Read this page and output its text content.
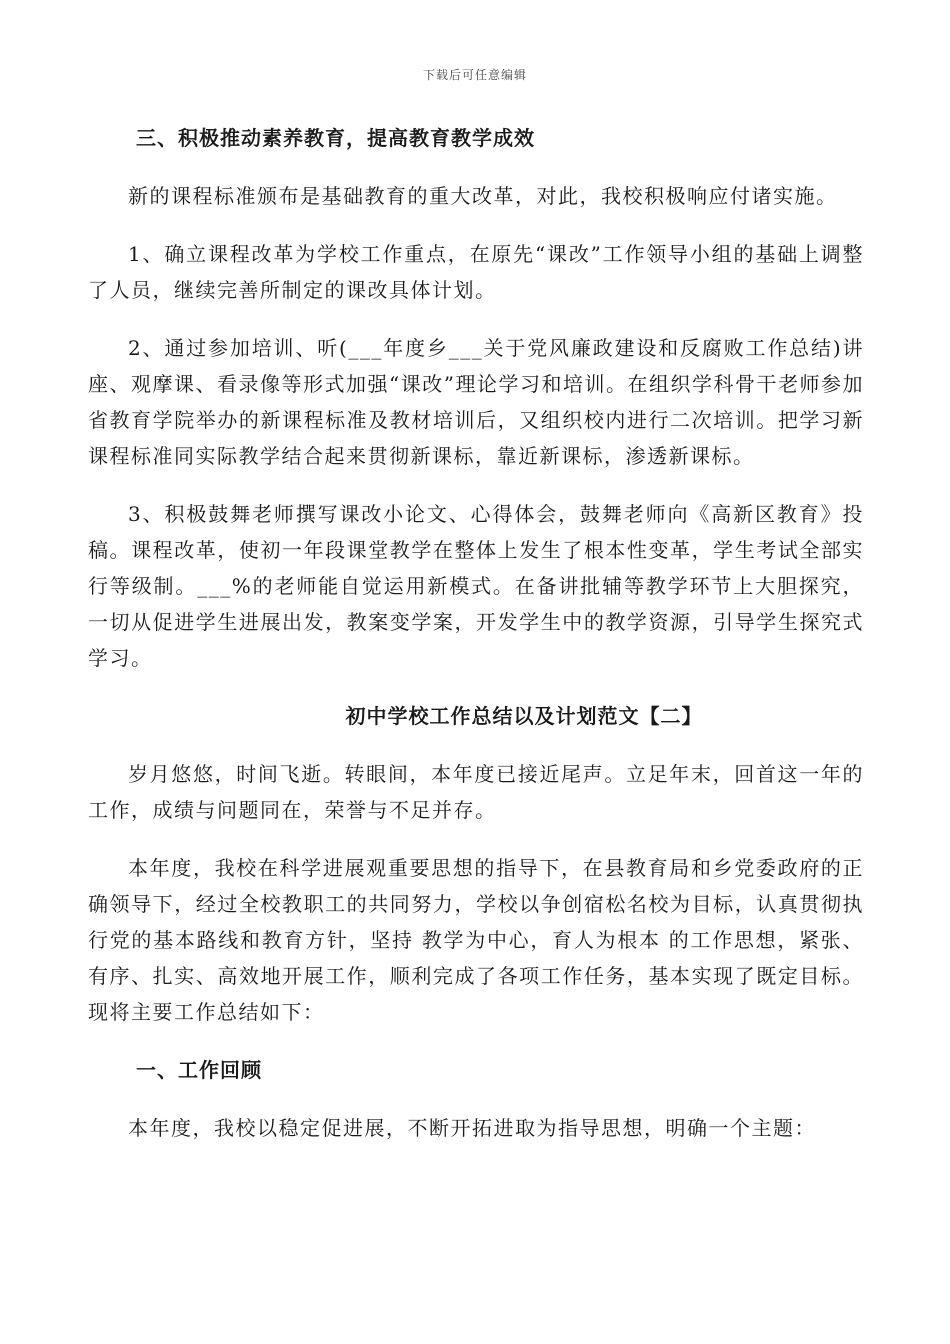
下载后可任意编辑
三、积极推动素养教育，提高教育教学成效

新的课程标准颁布是基础教育的重大改革，对此，我校积极响应付诸实施。

1、确立课程改革为学校工作重点，在原先“课改”工作领导小组的基础上调整了人员，继续完善所制定的课改具体计划。

2、通过参加培训、听(___年度乡___关于党风廉政建设和反腐败工作总结)讲座、观摩课、看录像等形式加强“课改”理论学习和培训。在组织学科骨干老师参加省教育学院举办的新课程标准及教材培训后，又组织校内进行二次培训。把学习新课程标准同实际教学结合起来贯彻新课标，靠近新课标，渗透新课标。

3、积极鼓舞老师撰写课改小论文、心得体会，鼓舞老师向《高新区教育》投稿。课程改革，使初一年段课堂教学在整体上发生了根本性变革，学生考试全部实行等级制。___%的老师能自觉运用新模式。在备讲批辅等教学环节上大胆探究，一切从促进学生进展出发，教案变学案，开发学生中的教学资源，引导学生探究式学习。

初中学校工作总结以及计划范文【二】

岁月悠悠，时间飞逝。转眼间，本年度已接近尾声。立足年末，回首这一年的工作，成绩与问题同在，荣誉与不足并存。

本年度，我校在科学进展观重要思想的指导下，在县教育局和乡党委政府的正确领导下，经过全校教职工的共同努力，学校以争创宿松名校为目标，认真贯彻执行党的基本路线和教育方针，坚持 教学为中心，育人为根本 的工作思想，紧张、有序、扎实、高效地开展工作，顺利完成了各项工作任务，基本实现了既定目标。现将主要工作总结如下：

一、工作回顾

本年度，我校以稳定促进展，不断开拓进取为指导思想，明确一个主题：
